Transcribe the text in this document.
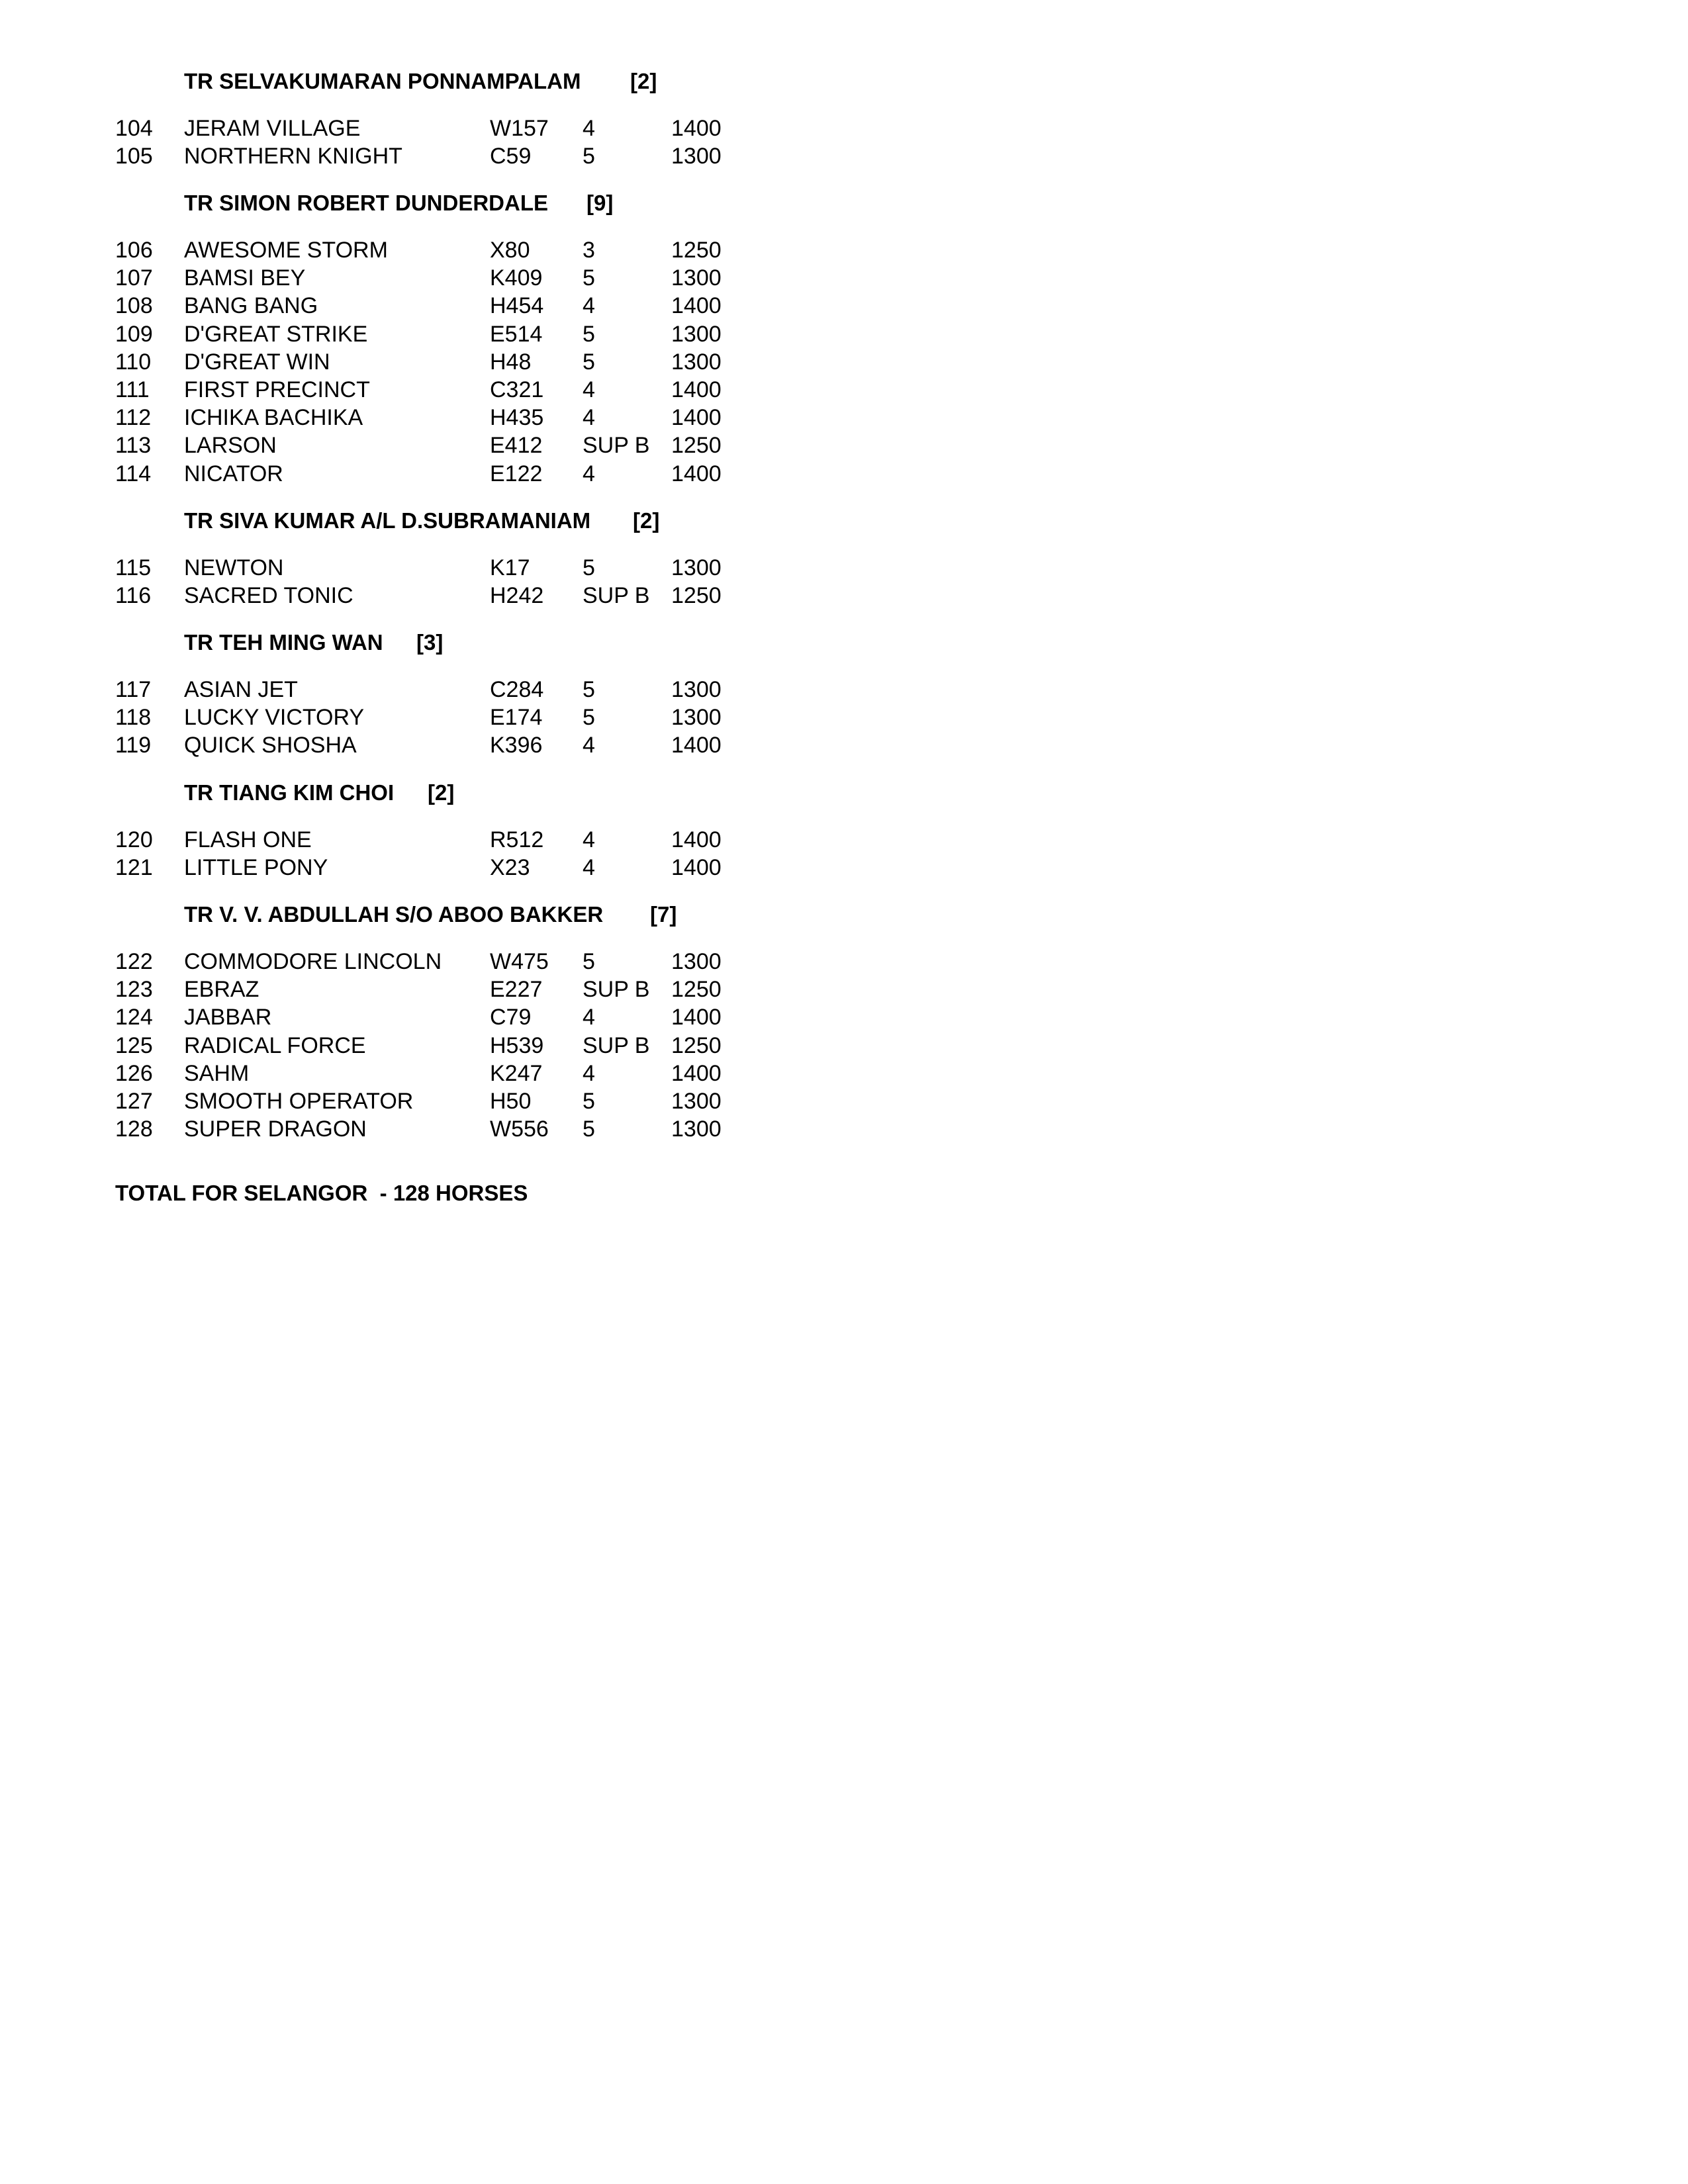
TR SELVAKUMARAN PONNAMPALAM [2]
104 JERAM VILLAGE	W157 4	1400
105 NORTHERN KNIGHT	C59 5	1300
TR SIMON ROBERT DUNDERDALE [9]
106 AWESOME STORM	X80 3	1250
107 BAMSI BEY	K409 5	1300
108 BANG BANG	H454 4	1400
109 D'GREAT STRIKE	E514 5	1300
110 D'GREAT WIN	H48 5	1300
111 FIRST PRECINCT	C321 4	1400
112 ICHIKA BACHIKA	H435 4	1400
113 LARSON	E412 SUP B 1250
114 NICATOR	E122 4	1400
TR SIVA KUMAR A/L D.SUBRAMANIAM [2]
115 NEWTON	K17 5	1300
116 SACRED TONIC	H242 SUP B 1250
TR TEH MING WAN [3]
117 ASIAN JET	C284 5	1300
118 LUCKY VICTORY	E174 5	1300
119 QUICK SHOSHA	K396 4	1400
TR TIANG KIM CHOI [2]
120 FLASH ONE	R512 4	1400
121 LITTLE PONY	X23 4	1400
TR V. V. ABDULLAH S/O ABOO BAKKER [7]
122 COMMODORE LINCOLN W475 5	1300
123 EBRAZ	E227 SUP B 1250
124 JABBAR	C79 4	1400
125 RADICAL FORCE	H539 SUP B 1250
126 SAHM	K247 4	1400
127 SMOOTH OPERATOR	H50 5	1300
128 SUPER DRAGON	W556 5	1300
TOTAL FOR SELANGOR  - 128 HORSES
